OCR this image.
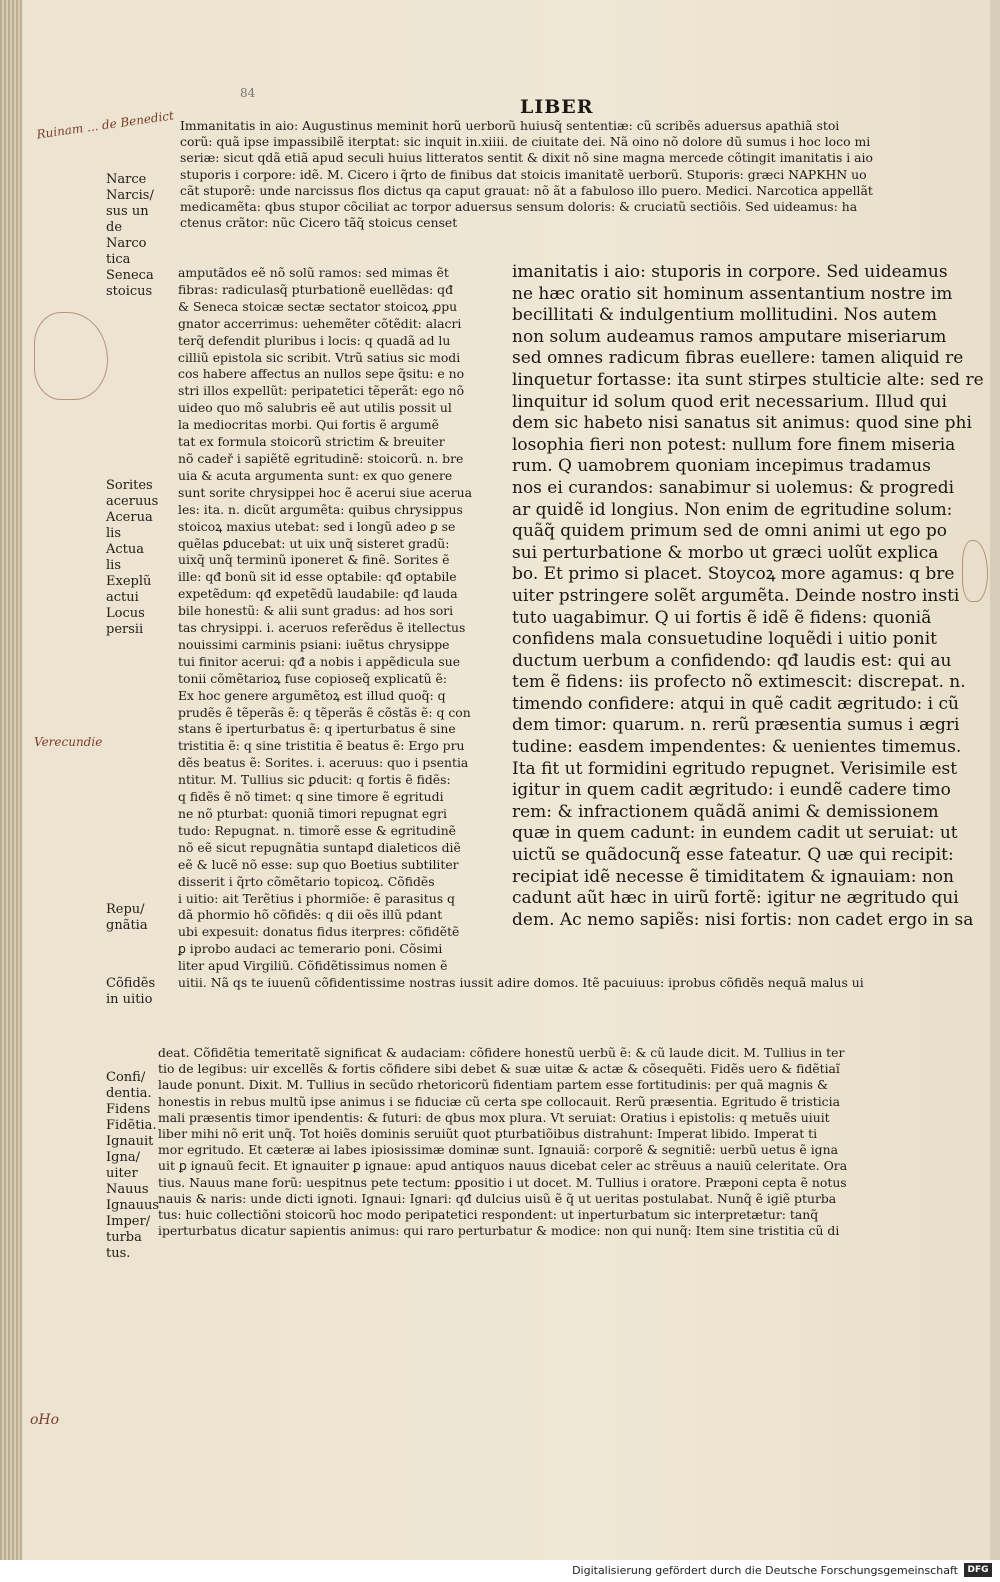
84
LIBER
Immanitatis in aio: Augustinus meminit horũ uerborũ huiusq̃ sententiæ: cũ scribẽs aduersus apathiã stoi
corũ: quã ipse impassibilẽ iterptat: sic inquit in.xiiii. de ciuitate dei. Nã oino nõ dolore dũ sumus i hoc loco mi
seriæ: sicut qdã etiã apud seculi huius litteratos sentit & dixit nõ sine magna mercede cõtingit imanitatis i aio
stuporis i corpore: idẽ. M. Cicero i q̃rto de finibus dat stoicis imanitatẽ uerborũ. Stuporis: græci ΝΑΡΚΗΝ uo
cãt stuporẽ: unde narcissus flos dictus qa caput grauat: nõ ãt a fabuloso illo puero. Medici. Narcotica appellãt
medicamẽta: qbus stupor cõciliat ac torpor aduersus sensum doloris: & cruciatũ sectiõis. Sed uideamus: ha
ctenus crãtor: nũc Cicero tãq̃ stoicus censet
amputãdos eẽ nõ solũ ramos: sed mimas ẽt
fibras: radiculasq̃ pturbationẽ euellẽdas: qđ
& Seneca stoicæ sectæ sectator stoicoꝝ ꝓpu
gnator accerrimus: uehemẽter cõtẽdit: alacri
terq̃ defendit pluribus i locis: q quadã ad lu
cilliũ epistola sic scribit. Vtrũ satius sic modi
cos habere affectus an nullos sepe q̃situ: e no
stri illos expellũt: peripatetici tẽperãt: ego nõ
uideo quo mõ salubris eẽ aut utilis possit ul
la mediocritas morbi. Qui fortis ẽ argumẽ
tat ex formula stoicorũ strictim & breuiter
nõ cadeř i sapiẽtẽ egritudinẽ: stoicorũ. n. bre
uia & acuta argumenta sunt: ex quo genere
sunt sorite chrysippei hoc ẽ acerui siue acerua
les: ita. n. dicũt argumẽta: quibus chrysippus
stoicoꝝ maxius utebat: sed i longũ adeo ꝑ se
quẽlas ꝑducebat: ut uix unq̃ sisteret gradũ:
uixq̃ unq̃ terminũ iponeret & finẽ. Sorites ẽ
ille: qđ bonũ sit id esse optabile: qđ optabile
expetẽdum: qđ expetẽdũ laudabile: qđ lauda
bile honestũ: & alii sunt gradus: ad hos sori
tas chrysippi. i. aceruos referẽdus ẽ itellectus
nouissimi carminis psiani: iuẽtus chrysippe
tui finitor acerui: qđ a nobis i appẽdicula sue
tonii cõmẽtarioꝝ fuse copioseq̃ explicatũ ẽ:
Ex hoc genere argumẽtoꝝ est illud quoq̃: q
prudẽs ẽ tẽperãs ẽ: q tẽperãs ẽ cõstãs ẽ: q con
stans ẽ iperturbatus ẽ: q iperturbatus ẽ sine
tristitia ẽ: q sine tristitia ẽ beatus ẽ: Ergo pru
dẽs beatus ẽ: Sorites. i. aceruus: quo i psentia
ntitur. M. Tullius sic ꝑducit: q fortis ẽ fidẽs:
q fidẽs ẽ nõ timet: q sine timore ẽ egritudi
ne nõ pturbat: quoniã timori repugnat egri
tudo: Repugnat. n. timorẽ esse & egritudinẽ
nõ eẽ sicut repugnãtia suntapđ dialeticos diẽ
eẽ & lucẽ nõ esse: sup quo Boetius subtiliter
disserit i q̃rto cõmẽtario topicoꝝ. Cõfidẽs
i uitio: ait Terẽtius i phormiõe: ẽ parasitus q
dã phormio hõ cõfidẽs: q dii oẽs illũ pdant
ubi expesuit: donatus fidus iterpres: cõfidẽtẽ
ꝑ iprobo audaci ac temerario poni. Cõsimi
liter apud Virgiliũ. Cõfidẽtissimus nomen ẽ
uitii. Nã qs te iuuenũ cõfidentissime nostras iussit adire domos. Itẽ pacuiuus: iprobus cõfidẽs nequã malus ui
deat. Cõfidẽtia temeritatẽ significat & audaciam: cõfidere honestũ uerbũ ẽ: & cũ laude dicit. M. Tullius in ter
tio de legibus: uir excellẽs & fortis cõfidere sibi debet & suæ uitæ & actæ & cõsequẽti. Fidẽs uero & fidẽtiaĩ
laude ponunt. Dixit. M. Tullius in secũdo rhetoricorũ fidentiam partem esse fortitudinis: per quã magnis &
honestis in rebus multũ ipse animus i se fiduciæ cũ certa spe collocauit. Rerũ præsentia. Egritudo ẽ tristicia
mali præsentis timor ipendentis: & futuri: de qbus mox plura. Vt seruiat: Oratius i epistolis: q metuẽs uiuit
liber mihi nõ erit unq̃. Tot hoiẽs dominis seruiũt quot pturbatiõibus distrahunt: Imperat libido. Imperat ti
mor egritudo. Et cæteræ ai labes ipiosissimæ dominæ sunt. Ignauiã: corporẽ & segnitiẽ: uerbũ uetus ẽ igna
uit ꝑ ignauũ fecit. Et ignauiter ꝑ ignaue: apud antiquos nauus dicebat celer ac strẽuus a nauiũ celeritate. Ora
tius. Nauus mane forũ: uespitnus pete tectum: ꝑpositio i ut docet. M. Tullius i oratore. Præponi cepta ẽ notus
nauis & naris: unde dicti ignoti. Ignaui: Ignari: qđ dulcius uisũ ẽ q̃ ut ueritas postulabat. Nunq̃ ẽ igiẽ pturba
tus: huic collectiõni stoicorũ hoc modo peripatetici respondent: ut inperturbatum sic interpretætur: tanq̃
iperturbatus dicatur sapientis animus: qui raro perturbatur & modice: non qui nunq̃: Item sine tristitia cũ di
imanitatis i aio: stuporis in corpore. Sed uideamus
ne hæc oratio sit hominum assentantium nostre im
becillitati & indulgentium mollitudini. Nos autem
non solum audeamus ramos amputare miseriarum
sed omnes radicum fibras euellere: tamen aliquid re
linquetur fortasse: ita sunt stirpes stulticie alte: sed re
linquitur id solum quod erit necessarium. Illud qui
dem sic habeto nisi sanatus sit animus: quod sine phi
losophia fieri non potest: nullum fore finem miseria
rum. Q uamobrem quoniam incepimus tradamus
nos ei curandos: sanabimur si uolemus: & progredi
ar quidẽ id longius. Non enim de egritudine solum:
quãq̃ quidem primum sed de omni animi ut ego po
sui perturbatione & morbo ut græci uolũt explica
bo. Et primo si placet. Stoycoꝝ more agamus: q bre
uiter pstringere solẽt argumẽta. Deinde nostro insti
tuto uagabimur. Q ui fortis ẽ idẽ ẽ fidens: quoniã
confidens mala consuetudine loquẽdi i uitio ponit
ductum uerbum a confidendo: qđ laudis est: qui au
tem ẽ fidens: iis profecto nõ extimescit: discrepat. n.
timendo confidere: atqui in quẽ cadit ægritudo: i cũ
dem timor: quarum. n. rerũ præsentia sumus i ægri
tudine: easdem impendentes: & uenientes timemus.
Ita fit ut formidini egritudo repugnet. Verisimile est
igitur in quem cadit ægritudo: i eundẽ cadere timo
rem: & infractionem quãdã animi & demissionem
quæ in quem cadunt: in eundem cadit ut seruiat: ut
uictũ se quãdocunq̃ esse fateatur. Q uæ qui recipit:
recipiat idẽ necesse ẽ timiditatem & ignauiam: non
cadunt aũt hæc in uirũ fortẽ: igitur ne ægritudo qui
dem. Ac nemo sapiẽs: nisi fortis: non cadet ergo in sa
Narce
Narcis/
sus un
de
Narco
tica
Seneca
stoicus
Sorites
aceruus
Acerua
lis
Actua
lis
Exeplũ
actui
Locus
persii
Repu/
gnãtia
Cõfidẽs
in uitio
Confi/
dentia.
Fidens
Fidẽtia.
Ignauit
Igna/
uiter
Nauus
Ignauus
Imper/
turba
tus.
Ruinam ... de Benedict
Verecundie
oHo
Digitalisierung gefördert durch die Deutsche Forschungsgemeinschaft	DFG
